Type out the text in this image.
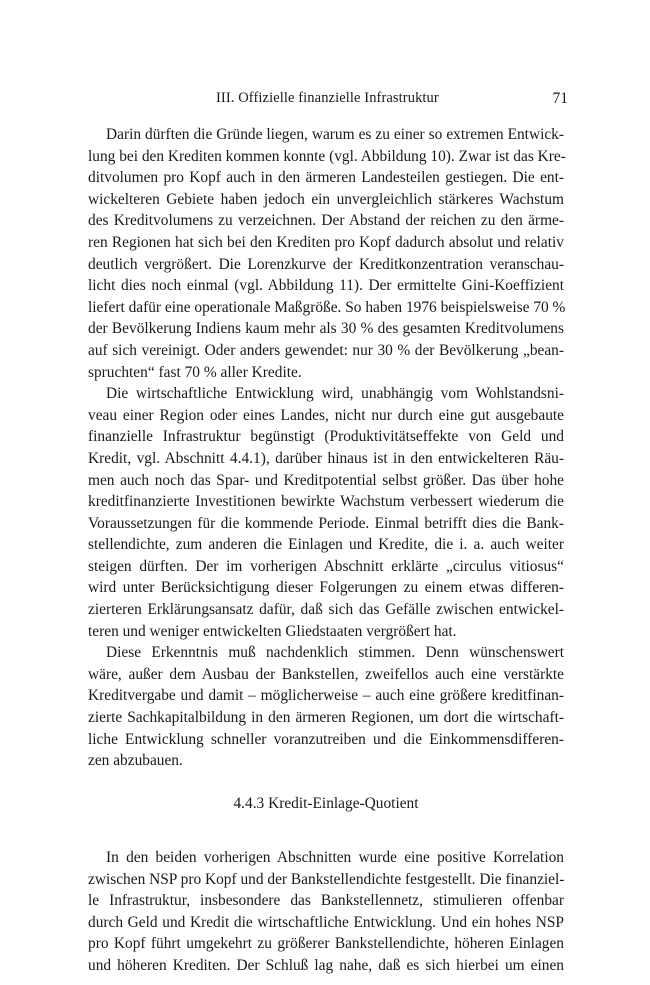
III. Offizielle finanzielle Infrastruktur	71

Darin dürften die Gründe liegen, warum es zu einer so extremen Entwick-
lung bei den Krediten kommen konnte (vgl. Abbildung 10). Zwar ist das Kre-
ditvolumen pro Kopf auch in den ärmeren Landesteilen gestiegen. Die ent-
wickelteren Gebiete haben jedoch ein unvergleichlich stärkeres Wachstum
des Kreditvolumens zu verzeichnen. Der Abstand der reichen zu den ärme-
ren Regionen hat sich bei den Krediten pro Kopf dadurch absolut und relativ
deutlich vergrößert. Die Lorenzkurve der Kreditkonzentration veranschau-
licht dies noch einmal (vgl. Abbildung 11). Der ermittelte Gini-Koeffizient
liefert dafür eine operationale Maßgröße. So haben 1976 beispielsweise 70 %
der Bevölkerung Indiens kaum mehr als 30 % des gesamten Kreditvolumens
auf sich vereinigt. Oder anders gewendet: nur 30 % der Bevölkerung „bean-
spruchten“ fast 70 % aller Kredite.

Die wirtschaftliche Entwicklung wird, unabhängig vom Wohlstandsni-
veau einer Region oder eines Landes, nicht nur durch eine gut ausgebaute
finanzielle Infrastruktur begünstigt (Produktivitätseffekte von Geld und
Kredit, vgl. Abschnitt 4.4.1), darüber hinaus ist in den entwickelteren Räu-
men auch noch das Spar- und Kreditpotential selbst größer. Das über hohe
kreditfinanzierte Investitionen bewirkte Wachstum verbessert wiederum die
Voraussetzungen für die kommende Periode. Einmal betrifft dies die Bank-
stellendichte, zum anderen die Einlagen und Kredite, die i. a. auch weiter
steigen dürften. Der im vorherigen Abschnitt erklärte „circulus vitiosus“
wird unter Berücksichtigung dieser Folgerungen zu einem etwas differen-
zierteren Erklärungsansatz dafür, daß sich das Gefälle zwischen entwickel-
teren und weniger entwickelten Gliedstaaten vergrößert hat.

Diese Erkenntnis muß nachdenklich stimmen. Denn wünschenswert
wäre, außer dem Ausbau der Bankstellen, zweifellos auch eine verstärkte
Kreditvergabe und damit – möglicherweise – auch eine größere kreditfinan-
zierte Sachkapitalbildung in den ärmeren Regionen, um dort die wirtschaft-
liche Entwicklung schneller voranzutreiben und die Einkommensdifferen-
zen abzubauen.

4.4.3 Kredit-Einlage-Quotient

In den beiden vorherigen Abschnitten wurde eine positive Korrelation
zwischen NSP pro Kopf und der Bankstellendichte festgestellt. Die finanziel-
le Infrastruktur, insbesondere das Bankstellennetz, stimulieren offenbar
durch Geld und Kredit die wirtschaftliche Entwicklung. Und ein hohes NSP
pro Kopf führt umgekehrt zu größerer Bankstellendichte, höheren Einlagen
und höheren Krediten. Der Schluß lag nahe, daß es sich hierbei um einen
